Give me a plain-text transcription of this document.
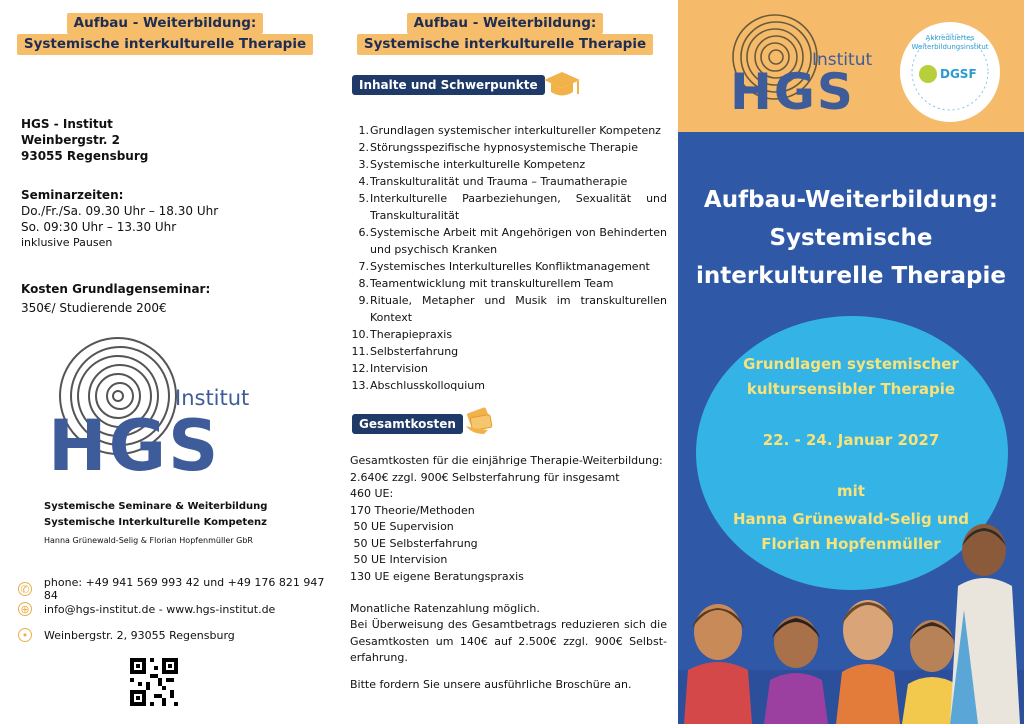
Aufbau - Weiterbildung:
Systemische interkulturelle Therapie
HGS - Institut
Weinbergstr. 2
93055 Regensburg
Seminarzeiten:
Do./Fr./Sa. 09.30 Uhr – 18.30 Uhr
So. 09:30 Uhr – 13.30 Uhr
inklusive Pausen
Kosten Grundlagenseminar:
350€/ Studierende 200€
Institut
HGS
Systemische Seminare & Weiterbildung
Systemische Interkulturelle Kompetenz
Hanna Grünewald-Selig & Florian Hopfenmüller GbR
✆
phone: +49 941 569 993 42 und +49 176 821 947 84
⊕ info@hgs-institut.de - www.hgs-institut.de
•	Weinbergstr. 2, 93055 Regensburg
Aufbau - Weiterbildung:
Systemische interkulturelle Therapie
Inhalte und Schwerpunkte
1. Grundlagen systemischer interkultureller Kompetenz
2. Störungsspezifische hypnosystemische Therapie
3. Systemische interkulturelle Kompetenz
4. Transkulturalität und Trauma – Traumatherapie
5. Interkulturelle Paarbeziehungen, Sexualität und Transkulturalität
6. Systemische Arbeit mit Angehörigen von Behinderten und psychisch Kranken
7. Systemisches Interkulturelles Konfliktmanagement
8. Teamentwicklung mit transkulturellem Team
9. Rituale, Metapher und Musik im transkulturellen Kontext
10. Therapiepraxis
11. Selbsterfahrung
12. Intervision
13. Abschlusskolloquium
Gesamtkosten
Gesamtkosten für die einjährige Therapie-Weiterbildung:
2.640€ zzgl. 900€ Selbsterfahrung für insgesamt
460 UE:
170 Theorie/Methoden
50 UE Supervision
50 UE Selbsterfahrung
50 UE Intervision
130 UE eigene Beratungspraxis
Monatliche Ratenzahlung möglich.
Bei Überweisung des Gesamtbetrags reduzieren sich die Gesamtkosten um 140€ auf 2.500€ zzgl. 900€ Selbst-erfahrung.
Bitte fordern Sie unsere ausführliche Broschüre an.
Institut
HGS
Akkreditiertes Weiterbildungsinstitut
DGSF
Aufbau-Weiterbildung:
Systemische
interkulturelle Therapie
Grundlagen systemischer
kultursensibler Therapie
22. - 24. Januar 2027
mit
Hanna Grünewald-Selig und
Florian Hopfenmüller
